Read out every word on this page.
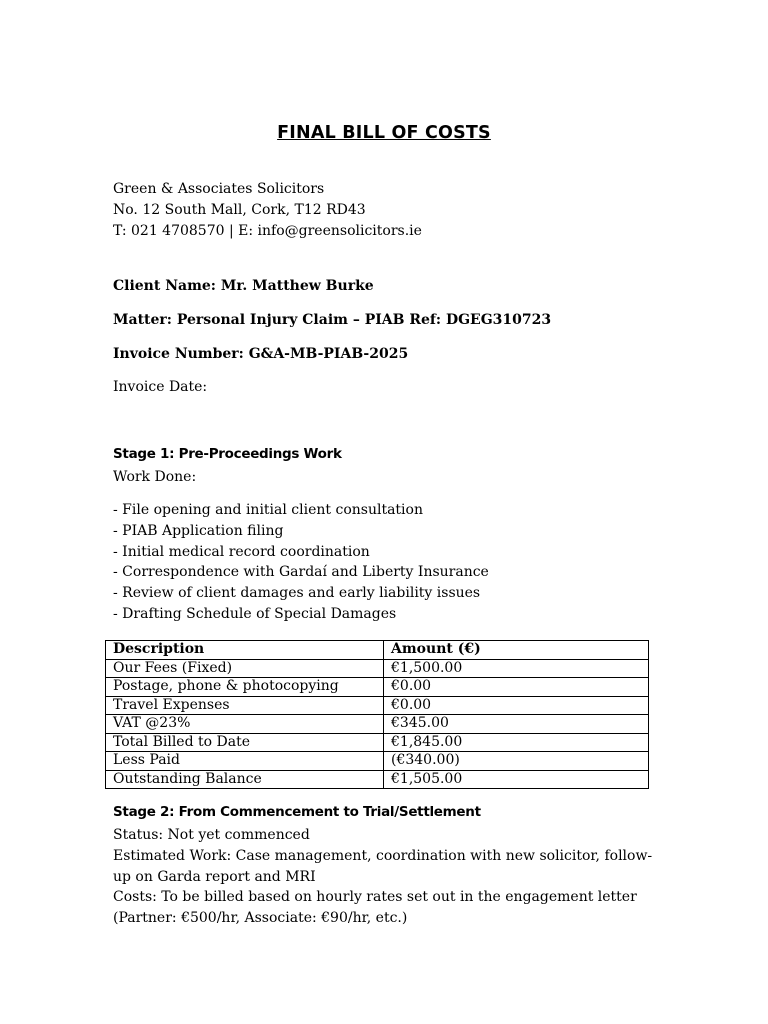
FINAL BILL OF COSTS
Green & Associates Solicitors
No. 12 South Mall, Cork, T12 RD43
T: 021 4708570 | E: info@greensolicitors.ie
Client Name: Mr. Matthew Burke
Matter: Personal Injury Claim – PIAB Ref: DGEG310723
Invoice Number: G&A-MB-PIAB-2025
Invoice Date:
Stage 1: Pre-Proceedings Work
Work Done:
- File opening and initial client consultation
- PIAB Application filing
- Initial medical record coordination
- Correspondence with Gardaí and Liberty Insurance
- Review of client damages and early liability issues
- Drafting Schedule of Special Damages
Description	Amount (€)
Our Fees (Fixed)	€1,500.00
Postage, phone & photocopying	€0.00
Travel Expenses	€0.00
VAT @23%	€345.00
Total Billed to Date	€1,845.00
Less Paid	(€340.00)
Outstanding Balance	€1,505.00
Stage 2: From Commencement to Trial/Settlement
Status: Not yet commenced
Estimated Work: Case management, coordination with new solicitor, follow-up on Garda report and MRI
Costs: To be billed based on hourly rates set out in the engagement letter (Partner: €500/hr, Associate: €90/hr, etc.)
